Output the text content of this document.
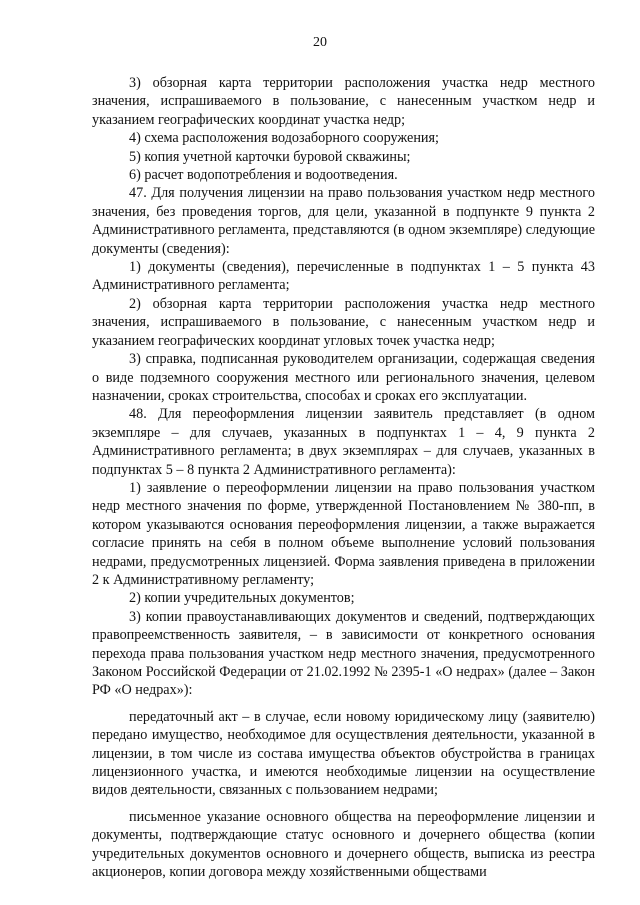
20

3) обзорная карта территории расположения участка недр местного значения, испрашиваемого в пользование, с нанесенным участком недр и указанием географических координат участка недр;

4) схема расположения водозаборного сооружения;

5) копия учетной карточки буровой скважины;

6) расчет водопотребления и водоотведения.

47. Для получения лицензии на право пользования участком недр местного значения, без проведения торгов, для цели, указанной в подпункте 9 пункта 2 Административного регламента, представляются (в одном экземпляре) следующие документы (сведения):

1) документы (сведения), перечисленные в подпунктах 1 – 5 пункта 43 Административного регламента;

2) обзорная карта территории расположения участка недр местного значения, испрашиваемого в пользование, с нанесенным участком недр и указанием географических координат угловых точек участка недр;

3) справка, подписанная руководителем организации, содержащая сведения о виде подземного сооружения местного или регионального значения, целевом назначении, сроках строительства, способах и сроках его эксплуатации.

48. Для переоформления лицензии заявитель представляет (в одном экземпляре – для случаев, указанных в подпунктах 1 – 4, 9 пункта 2 Административного регламента; в двух экземплярах – для случаев, указанных в подпунктах 5 – 8 пункта 2 Административного регламента):

1) заявление о переоформлении лицензии на право пользования участком недр местного значения по форме, утвержденной Постановлением № 380-пп, в котором указываются основания переоформления лицензии, а также выражается согласие принять на себя в полном объеме выполнение условий пользования недрами, предусмотренных лицензией. Форма заявления приведена в приложении 2 к Административному регламенту;

2) копии учредительных документов;

3) копии правоустанавливающих документов и сведений, подтверждающих правопреемственность заявителя, – в зависимости от конкретного основания перехода права пользования участком недр местного значения, предусмотренного Законом Российской Федерации от 21.02.1992 № 2395-1 «О недрах» (далее – Закон РФ «О недрах»):

передаточный акт – в случае, если новому юридическому лицу (заявителю) передано имущество, необходимое для осуществления деятельности, указанной в лицензии, в том числе из состава имущества объектов обустройства в границах лицензионного участка, и имеются необходимые лицензии на осуществление видов деятельности, связанных с пользованием недрами;

письменное указание основного общества на переоформление лицензии и документы, подтверждающие статус основного и дочернего общества (копии учредительных документов основного и дочернего обществ, выписка из реестра акционеров, копии договора между хозяйственными обществами
